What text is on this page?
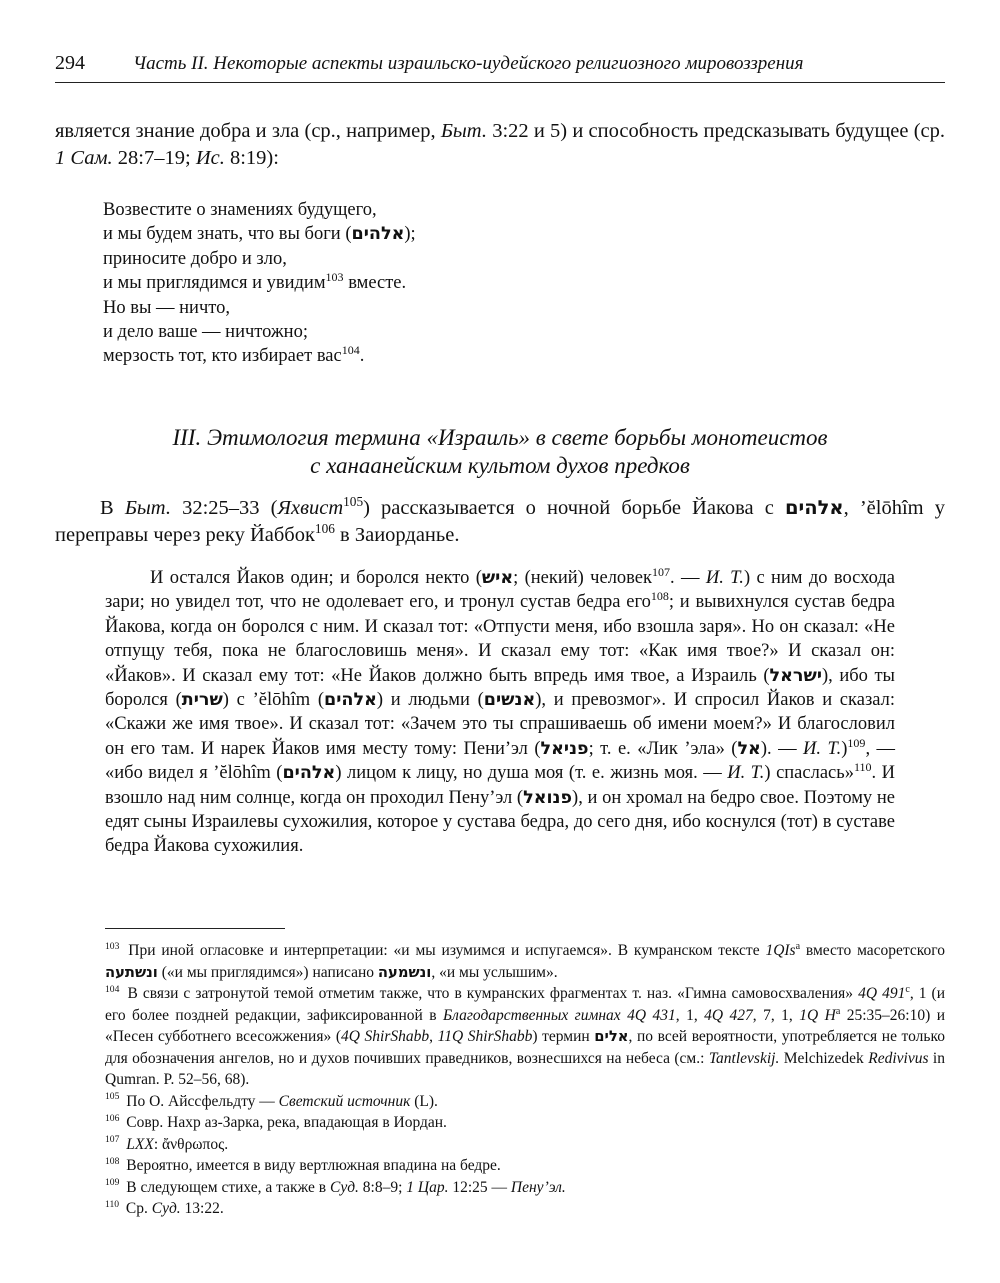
294	Часть II. Некоторые аспекты израильско-иудейского религиозного мировоззрения
является знание добра и зла (ср., например, Быт. 3:22 и 5) и способность предсказывать будущее (ср. 1 Сам. 28:7–19; Ис. 8:19):
Возвестите о знамениях будущего,
и мы будем знать, что вы боги (אלהים);
приносите добро и зло,
и мы приглядимся и увидим$^{103}$ вместе.
Но вы — ничто,
и дело ваше — ничтожно;
мерзость тот, кто избирает вас$^{104}$.
III. Этимология термина «Израиль» в свете борьбы монотеистов
с ханаанейским культом духов предков
В Быт. 32:25–33 (Яхвист$^{105}$) рассказывается о ночной борьбе Йакова с אלהים, ’ĕlōhîm у переправы через реку Йаббок$^{106}$ в Заиорданье.
И остался Йаков один; и боролся некто (איש; (некий) человек$^{107}$. — И. Т.) с ним до восхода зари; но увидел тот, что не одолевает его, и тронул сустав бедра его$^{108}$; и вывихнулся сустав бедра Йакова, когда он боролся с ним. И сказал тот: «Отпусти меня, ибо взошла заря». Но он сказал: «Не отпущу тебя, пока не благословишь меня». И сказал ему тот: «Как имя твое?» И сказал он: «Йаков». И сказал ему тот: «Не Йаков должно быть впредь имя твое, а Израиль (ישראל), ибо ты боролся (שרית) с ’ĕlōhîm (אלהים) и людьми (אנשים), и превозмог». И спросил Йаков и сказал: «Скажи же имя твое». И сказал тот: «Зачем это ты спрашиваешь об имени моем?» И благословил он его там. И нарек Йаков имя месту тому: Пени’эл (פניאל; т. е. «Лик ’эла» (אל). — И. Т.)$^{109}$, — «ибо видел я ’ĕlōhîm (אלהים) лицом к лицу, но душа моя (т. е. жизнь моя. — И. Т.) спаслась»$^{110}$. И взошло над ним солнце, когда он проходил Пену’эл (פנואל), и он хромал на бедро свое. Поэтому не едят сыны Израилевы сухожилия, которое у сустава бедра, до сего дня, ибо коснулся (тот) в суставе бедра Йакова сухожилия.

$^{103}$ При иной огласовке и интерпретации: «и мы изумимся и испугаемся». В кумранском тексте 1QIs$^a$ вместо масоретского ונשתעה («и мы приглядимся») написано ונשמעה, «и мы услышим».

$^{104}$ В связи с затронутой темой отметим также, что в кумранских фрагментах т. наз. «Гимна самовосхваления» 4Q 491$^c$, 1 (и его более поздней редакции, зафиксированной в Благодарственных гимнах 4Q 431, 1, 4Q 427, 7, 1, 1Q $H^a$ 25:35–26:10) и «Песен субботнего всесожжения» (4Q ShirShabb, 11Q ShirShabb) термин אלים, по всей вероятности, употребляется не только для обозначения ангелов, но и духов почивших праведников, вознесшихся на небеса (см.: Tantlevskij. Melchizedek Redivivus in Qumran. P. 52–56, 68).

$^{105}$ По О. Айссфельдту — Светский источник (L).

$^{106}$ Совр. Нахр аз-Зарка, река, впадающая в Иордан.

$^{107}$ LXX: ἄνθρωπος.

$^{108}$ Вероятно, имеется в виду вертлюжная впадина на бедре.

$^{109}$ В следующем стихе, а также в Суд. 8:8–9; 1 Цар. 12:25 — Пену’эл.

$^{110}$ Ср. Суд. 13:22.
